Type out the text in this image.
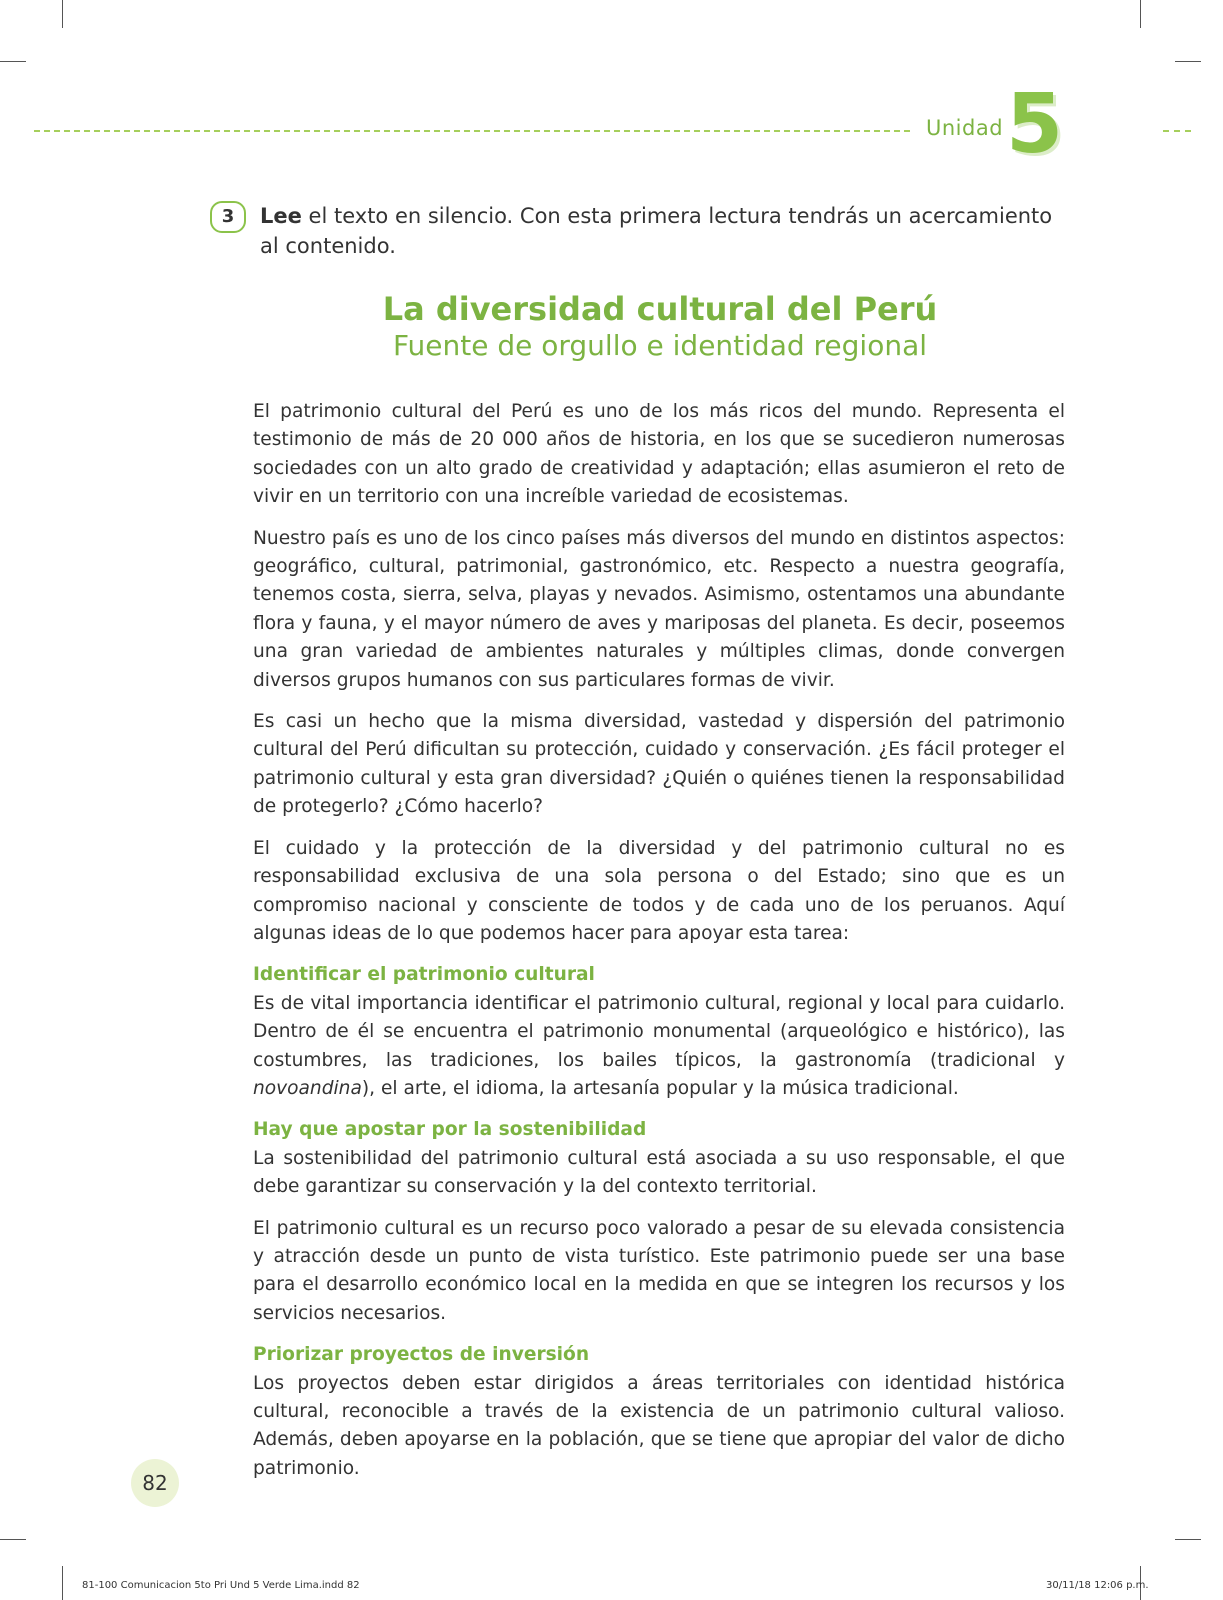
Unidad 5
3	Lee el texto en silencio. Con esta primera lectura tendrás un acercamiento al contenido.
La diversidad cultural del Perú
Fuente de orgullo e identidad regional

El patrimonio cultural del Perú es uno de los más ricos del mundo. Representa el testimonio de más de 20 000 años de historia, en los que se sucedieron numerosas sociedades con un alto grado de creatividad y adaptación; ellas asumieron el reto de vivir en un territorio con una increíble variedad de ecosistemas.

Nuestro país es uno de los cinco países más diversos del mundo en distintos aspectos: geográfico, cultural, patrimonial, gastronómico, etc. Respecto a nuestra geografía, tenemos costa, sierra, selva, playas y nevados. Asimismo, ostentamos una abundante flora y fauna, y el mayor número de aves y mariposas del planeta. Es decir, poseemos una gran variedad de ambientes naturales y múltiples climas, donde convergen diversos grupos humanos con sus particulares formas de vivir.

Es casi un hecho que la misma diversidad, vastedad y dispersión del patrimonio cultural del Perú dificultan su protección, cuidado y conservación. ¿Es fácil proteger el patrimonio cultural y esta gran diversidad? ¿Quién o quiénes tienen la responsabilidad de protegerlo? ¿Cómo hacerlo?

El cuidado y la protección de la diversidad y del patrimonio cultural no es responsabilidad exclusiva de una sola persona o del Estado; sino que es un compromiso nacional y consciente de todos y de cada uno de los peruanos. Aquí algunas ideas de lo que podemos hacer para apoyar esta tarea:

Identificar el patrimonio cultural

Es de vital importancia identificar el patrimonio cultural, regional y local para cuidarlo. Dentro de él se encuentra el patrimonio monumental (arqueológico e histórico), las costumbres, las tradiciones, los bailes típicos, la gastronomía (tradicional y novoandina), el arte, el idioma, la artesanía popular y la música tradicional.

Hay que apostar por la sostenibilidad

La sostenibilidad del patrimonio cultural está asociada a su uso responsable, el que debe garantizar su conservación y la del contexto territorial.

El patrimonio cultural es un recurso poco valorado a pesar de su elevada consistencia y atracción desde un punto de vista turístico. Este patrimonio puede ser una base para el desarrollo económico local en la medida en que se integren los recursos y los servicios necesarios.

Priorizar proyectos de inversión

Los proyectos deben estar dirigidos a áreas territoriales con identidad histórica cultural, reconocible a través de la existencia de un patrimonio cultural valioso. Además, deben apoyarse en la población, que se tiene que apropiar del valor de dicho patrimonio.

82
81-100 Comunicacion 5to Pri Und 5 Verde Lima.indd 82	30/11/18 12:06 p.m.
